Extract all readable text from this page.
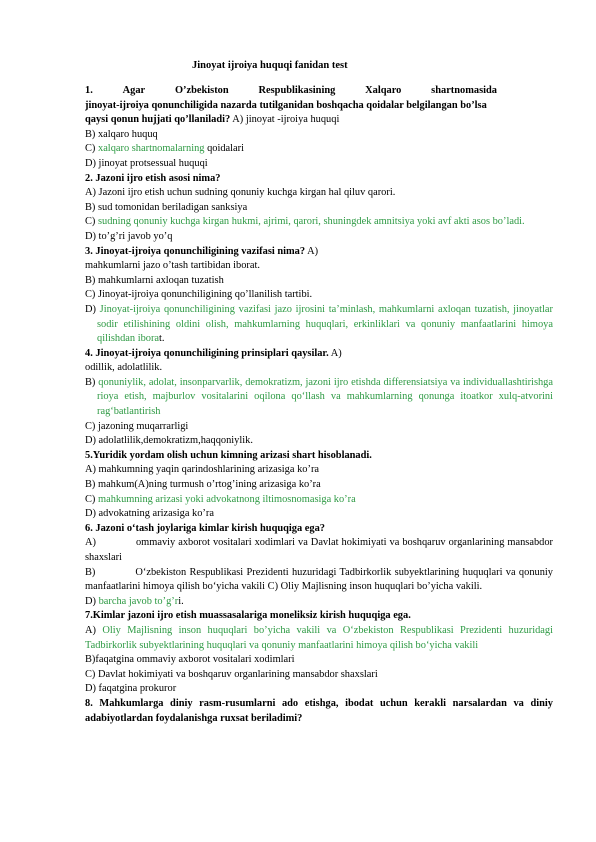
Jinoyat ijroiya huquqi fanidan test
1.	Agar	O’zbekiston	Respublikasining	Xalqaro	shartnomasida
jinoyat-ijroiya qonunchiligida nazarda tutilganidan boshqacha qoidalar belgilangan bo’lsa
qaysi qonun hujjati qo’llaniladi? A) jinoyat -ijroiya huquqi
B) xalqaro huquq
C) xalqaro shartnomalarning qoidalari
D) jinoyat protsessual huquqi
2. Jazoni ijro etish asosi nima?
A) Jazoni ijro etish uchun sudning qonuniy kuchga kirgan hal qiluv qarori.
B) sud tomonidan beriladigan sanksiya
C) sudning qonuniy kuchga kirgan hukmi, ajrimi, qarori, shuningdek amnitsiya yoki avf akti asos bo’ladi.
D) to’g’ri javob yo’q
3. Jinoyat-ijroiya qonunchiligining vazifasi nima? A)
mahkumlarni jazo o’tash tartibidan iborat.
B) mahkumlarni axloqan tuzatish
C) Jinoyat-ijroiya qonunchiligining qo’llanilish tartibi.
D) Jinoyat-ijroiya qonunchiligining vazifasi jazo ijrosini ta’minlash, mahkumlarni axloqan tuzatish, jinoyatlar sodir etilishining oldini olish, mahkumlarning huquqlari, erkinliklari va qonuniy manfaatlarini himoya qilishdan iborat.
4. Jinoyat-ijroiya qonunchiligining prinsiplari qaysilar. A)
odillik, adolatlilik.
B) qonuniylik, adolat, insonparvarlik, demokratizm, jazoni ijro etishda differensiatsiya va individuallashtirishga rioya etish, majburlov vositalarini oqilona qo‘llash va mahkumlarning qonunga itoatkor xulq-atvorini rag‘batlantirish
C) jazoning muqarrarligi
D) adolatlilik,demokratizm,haqqoniylik.
5.Yuridik yordam olish uchun kimning arizasi shart hisoblanadi.
A) mahkumning yaqin qarindoshlarining arizasiga ko’ra
B) mahkum(A)ning turmush o’rtog’ining arizasiga ko’ra
C) mahkumning arizasi yoki advokatnong iltimosnomasiga ko’ra
D) advokatning arizasiga ko’ra
6. Jazoni o‘tash joylariga kimlar kirish huquqiga ega?
A)	ommaviy axborot vositalari xodimlari va Davlat hokimiyati va boshqaruv organlarining mansabdor shaxslari
B)	O‘zbekiston Respublikasi Prezidenti huzuridagi Tadbirkorlik subyektlarining huquqlari va qonuniy manfaatlarini himoya qilish bo‘yicha vakili C) Oliy Majlisning inson huquqlari bo’yicha vakili.
D) barcha javob to’g’ri.
7.Kimlar jazoni ijro etish muassasalariga moneliksiz kirish huquqiga ega.
A) Oliy Majlisning inson huquqlari bo’yicha vakili va O‘zbekiston Respublikasi Prezidenti huzuridagi Tadbirkorlik subyektlarining huquqlari va qonuniy manfaatlarini himoya qilish bo‘yicha vakili
B)faqatgina ommaviy axborot vositalari xodimlari
C) Davlat hokimiyati va boshqaruv organlarining mansabdor shaxslari
D) faqatgina prokuror
8. Mahkumlarga diniy rasm-rusumlarni ado etishga, ibodat uchun kerakli narsalardan va diniy adabiyotlardan foydalanishga ruxsat beriladimi?
